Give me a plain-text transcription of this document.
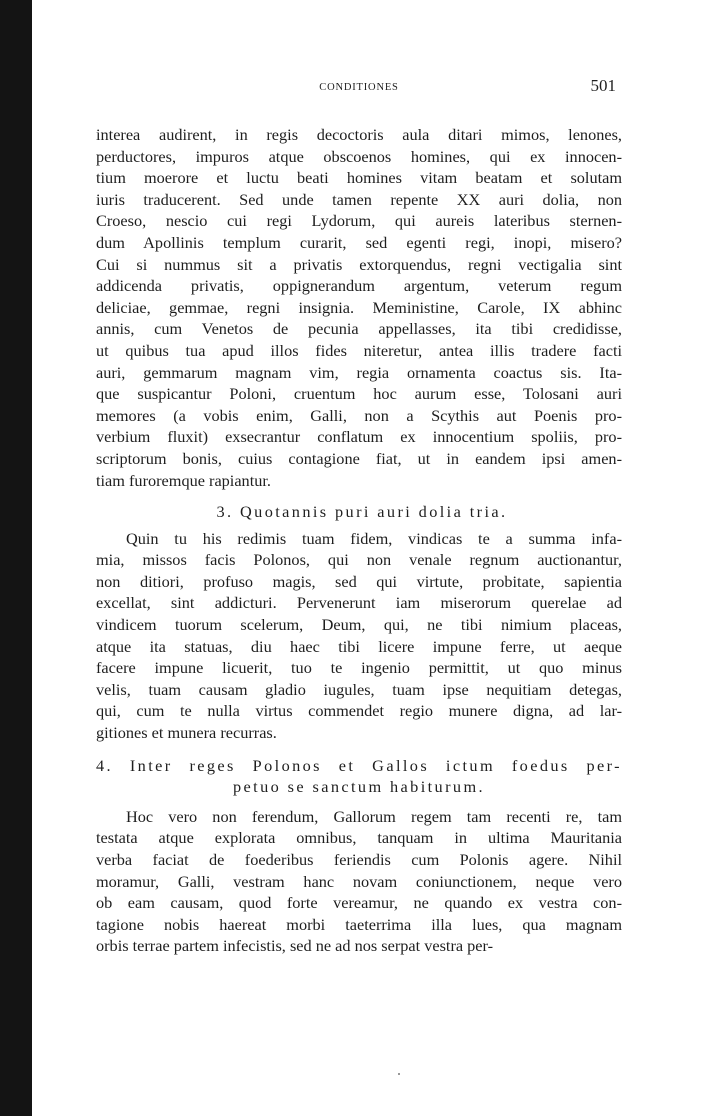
CONDITIONES	501

interea audirent, in regis decoctoris aula ditari mimos, lenones,
perductores, impuros atque obscoenos homines, qui ex innocen-
tium moerore et luctu beati homines vitam beatam et solutam
iuris traducerent. Sed unde tamen repente XX auri dolia, non
Croeso, nescio cui regi Lydorum, qui aureis lateribus sternen-
dum Apollinis templum curarit, sed egenti regi, inopi, misero?
Cui si nummus sit a privatis extorquendus, regni vectigalia sint
addicenda privatis, oppignerandum argentum, veterum regum
deliciae, gemmae, regni insignia. Meministine, Carole, IX abhinc
annis, cum Venetos de pecunia appellasses, ita tibi credidisse,
ut quibus tua apud illos fides niteretur, antea illis tradere facti
auri, gemmarum magnam vim, regia ornamenta coactus sis. Ita-
que suspicantur Poloni, cruentum hoc aurum esse, Tolosani auri
memores (a vobis enim, Galli, non a Scythis aut Poenis pro-
verbium fluxit) exsecrantur conflatum ex innocentium spoliis, pro-
scriptorum bonis, cuius contagione fiat, ut in eandem ipsi amen-
tiam furoremque rapiantur.

3. Quotannis puri auri dolia tria.

Quin tu his redimis tuam fidem, vindicas te a summa infa-
mia, missos facis Polonos, qui non venale regnum auctionantur,
non ditiori, profuso magis, sed qui virtute, probitate, sapientia
excellat, sint addicturi. Pervenerunt iam miserorum querelae ad
vindicem tuorum scelerum, Deum, qui, ne tibi nimium placeas,
atque ita statuas, diu haec tibi licere impune ferre, ut aeque
facere impune licuerit, tuo te ingenio permittit, ut quo minus
velis, tuam causam gladio iugules, tuam ipse nequitiam detegas,
qui, cum te nulla virtus commendet regio munere digna, ad lar-
gitiones et munera recurras.

4. Inter reges Polonos et Gallos ictum foedus per-
petuo se sanctum habiturum.

Hoc vero non ferendum, Gallorum regem tam recenti re, tam
testata atque explorata omnibus, tanquam in ultima Mauritania
verba faciat de foederibus feriendis cum Polonis agere. Nihil
moramur, Galli, vestram hanc novam coniunctionem, neque vero
ob eam causam, quod forte vereamur, ne quando ex vestra con-
tagione nobis haereat morbi taeterrima illa lues, qua magnam
orbis terrae partem infecistis, sed ne ad nos serpat vestra per-
